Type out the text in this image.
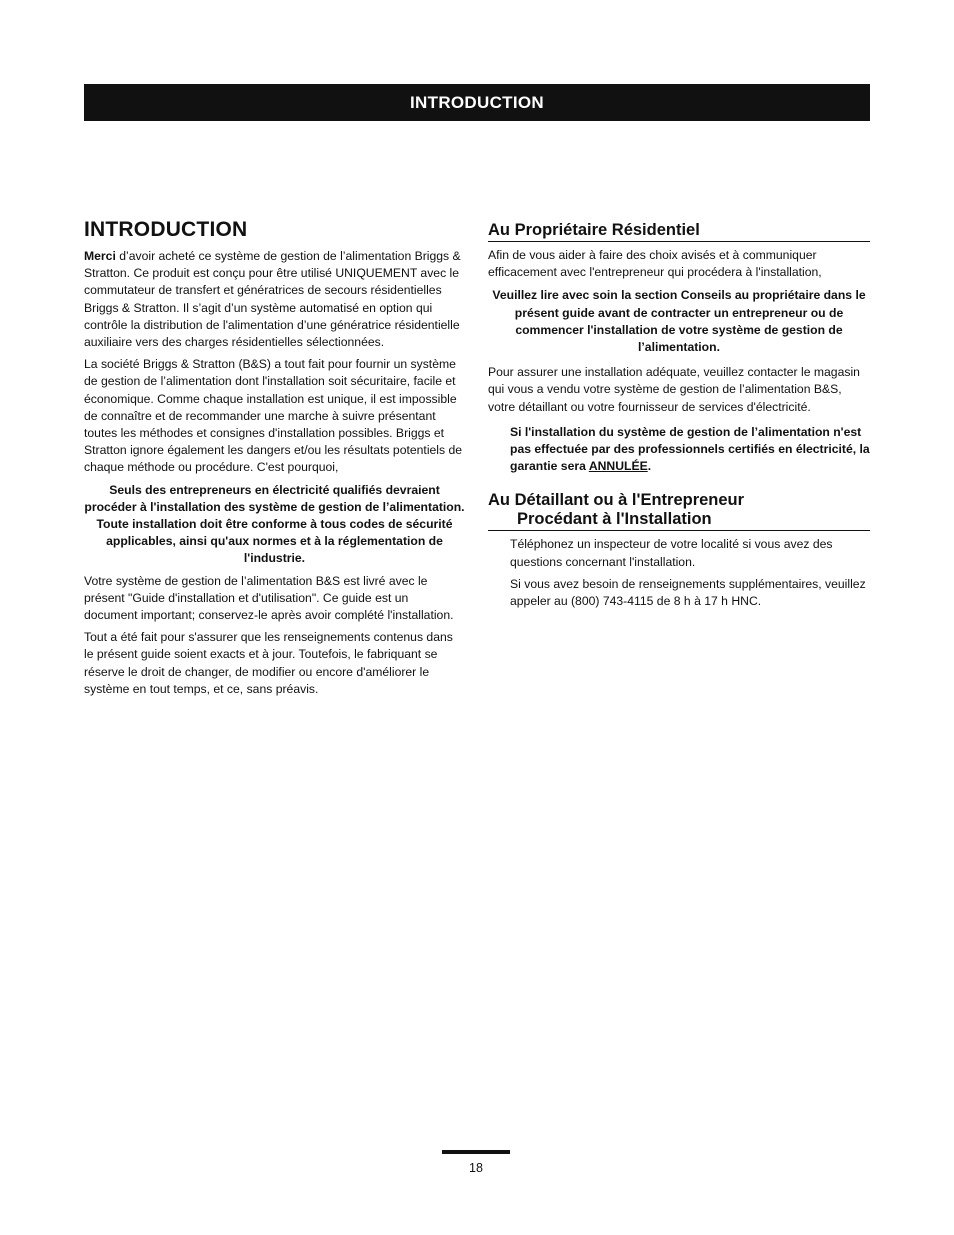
INTRODUCTION
INTRODUCTION

Merci d’avoir acheté ce système de gestion de l’alimentation Briggs & Stratton. Ce produit est conçu pour être utilisé UNIQUEMENT avec le commutateur de transfert et génératrices de secours résidentielles Briggs & Stratton. Il s’agit d’un système automatisé en option qui contrôle la distribution de l'alimentation d’une génératrice résidentielle auxiliaire vers des charges résidentielles sélectionnées.

La société Briggs & Stratton (B&S) a tout fait pour fournir un système de gestion de l’alimentation dont l'installation soit sécuritaire, facile et économique. Comme chaque installation est unique, il est impossible de connaître et de recommander une marche à suivre présentant toutes les méthodes et consignes d'installation possibles. Briggs et Stratton ignore également les dangers et/ou les résultats potentiels de chaque méthode ou procédure. C'est pourquoi,

Seuls des entrepreneurs en électricité qualifiés devraient procéder à l'installation des système de gestion de l’alimentation. Toute installation doit être conforme à tous codes de sécurité applicables, ainsi qu'aux normes et à la réglementation de l'industrie.

Votre système de gestion de l’alimentation B&S est livré avec le présent "Guide d'installation et d'utilisation". Ce guide est un document important; conservez-le après avoir complété l'installation.

Tout a été fait pour s'assurer que les renseignements contenus dans le présent guide soient exacts et à jour. Toutefois, le fabriquant se réserve le droit de changer, de modifier ou encore d'améliorer le système en tout temps, et ce, sans préavis.

Au Propriétaire Résidentiel

Afin de vous aider à faire des choix avisés et à communiquer efficacement avec l'entrepreneur qui procédera à l'installation,

Veuillez lire avec soin la section Conseils au propriétaire dans le présent guide avant de contracter un entrepreneur ou de commencer l'installation de votre système de gestion de l’alimentation.

Pour assurer une installation adéquate, veuillez contacter le magasin qui vous a vendu votre système de gestion de l’alimentation B&S, votre détaillant ou votre fournisseur de services d'électricité.

Si l'installation du système de gestion de l’alimentation n'est pas effectuée par des professionnels certifiés en électricité, la garantie sera ANNULÉE.

Au Détaillant ou à l'Entrepreneur
Procédant à l'Installation

Téléphonez un inspecteur de votre localité si vous avez des questions concernant l'installation.

Si vous avez besoin de renseignements supplémentaires, veuillez appeler au (800) 743-4115 de 8 h à 17 h HNC.

18
